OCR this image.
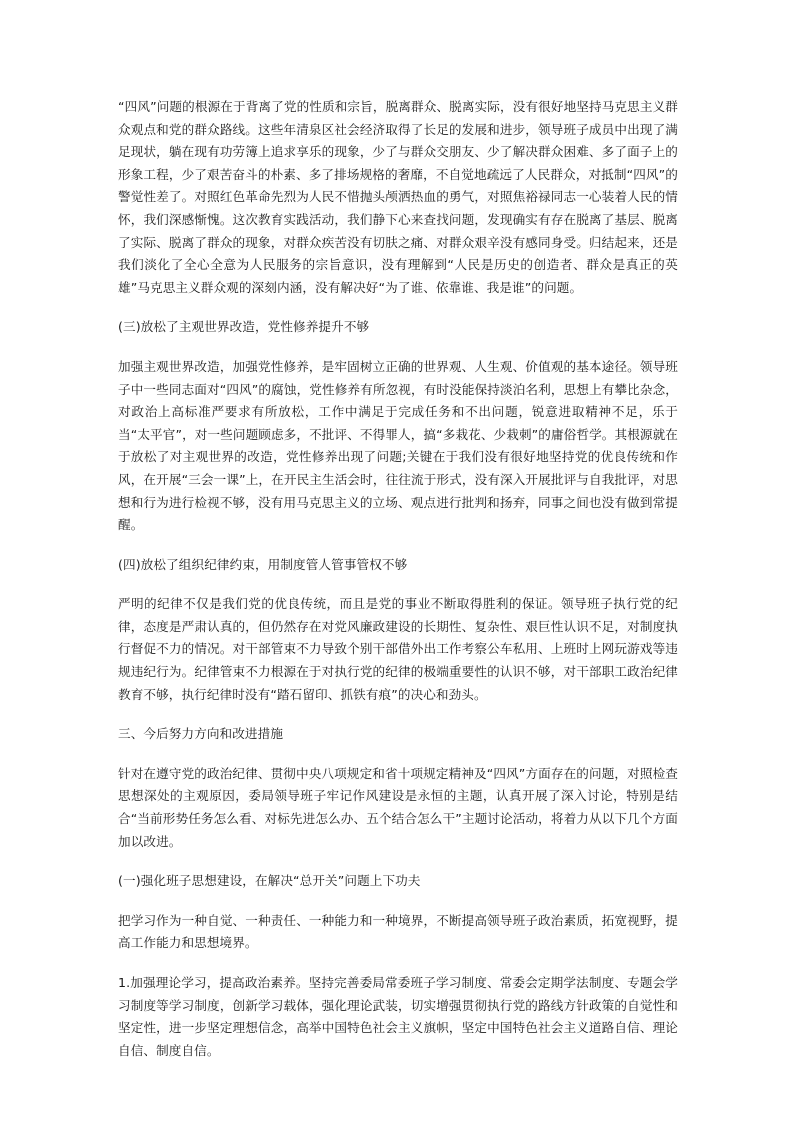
“四风”问题的根源在于背离了党的性质和宗旨，脱离群众、脱离实际，没有很好地坚持马克思主义群众观点和党的群众路线。这些年清泉区社会经济取得了长足的发展和进步，领导班子成员中出现了满足现状，躺在现有功劳簿上追求享乐的现象，少了与群众交朋友、少了解决群众困难、多了面子上的形象工程，少了艰苦奋斗的朴素、多了排场规格的奢靡，不自觉地疏远了人民群众，对抵制“四风”的警觉性差了。对照红色革命先烈为人民不惜抛头颅洒热血的勇气，对照焦裕禄同志一心装着人民的情怀，我们深感惭愧。这次教育实践活动，我们静下心来查找问题，发现确实有存在脱离了基层、脱离了实际、脱离了群众的现象，对群众疾苦没有切肤之痛、对群众艰辛没有感同身受。归结起来，还是我们淡化了全心全意为人民服务的宗旨意识，没有理解到“人民是历史的创造者、群众是真正的英雄”马克思主义群众观的深刻内涵，没有解决好“为了谁、依靠谁、我是谁”的问题。

(三)放松了主观世界改造，党性修养提升不够

加强主观世界改造，加强党性修养，是牢固树立正确的世界观、人生观、价值观的基本途径。领导班子中一些同志面对“四风”的腐蚀，党性修养有所忽视，有时没能保持淡泊名利，思想上有攀比杂念，对政治上高标准严要求有所放松，工作中满足于完成任务和不出问题，锐意进取精神不足，乐于当“太平官”，对一些问题顾虑多，不批评、不得罪人，搞“多栽花、少栽刺”的庸俗哲学。其根源就在于放松了对主观世界的改造，党性修养出现了问题;关键在于我们没有很好地坚持党的优良传统和作风，在开展“三会一课”上，在开民主生活会时，往往流于形式，没有深入开展批评与自我批评，对思想和行为进行检视不够，没有用马克思主义的立场、观点进行批判和扬弃，同事之间也没有做到常提醒。

(四)放松了组织纪律约束，用制度管人管事管权不够

严明的纪律不仅是我们党的优良传统，而且是党的事业不断取得胜利的保证。领导班子执行党的纪律，态度是严肃认真的，但仍然存在对党风廉政建设的长期性、复杂性、艰巨性认识不足，对制度执行督促不力的情况。对干部管束不力导致个别干部借外出工作考察公车私用、上班时上网玩游戏等违规违纪行为。纪律管束不力根源在于对执行党的纪律的极端重要性的认识不够，对干部职工政治纪律教育不够，执行纪律时没有“踏石留印、抓铁有痕”的决心和劲头。

三、今后努力方向和改进措施

针对在遵守党的政治纪律、贯彻中央八项规定和省十项规定精神及“四风”方面存在的问题，对照检查思想深处的主观原因，委局领导班子牢记作风建设是永恒的主题，认真开展了深入讨论，特别是结合“当前形势任务怎么看、对标先进怎么办、五个结合怎么干”主题讨论活动，将着力从以下几个方面加以改进。

(一)强化班子思想建设，在解决“总开关”问题上下功夫

把学习作为一种自觉、一种责任、一种能力和一种境界，不断提高领导班子政治素质，拓宽视野，提高工作能力和思想境界。

1.加强理论学习，提高政治素养。坚持完善委局常委班子学习制度、常委会定期学法制度、专题会学习制度等学习制度，创新学习载体，强化理论武装，切实增强贯彻执行党的路线方针政策的自觉性和坚定性，进一步坚定理想信念，高举中国特色社会主义旗帜，坚定中国特色社会主义道路自信、理论自信、制度自信。
